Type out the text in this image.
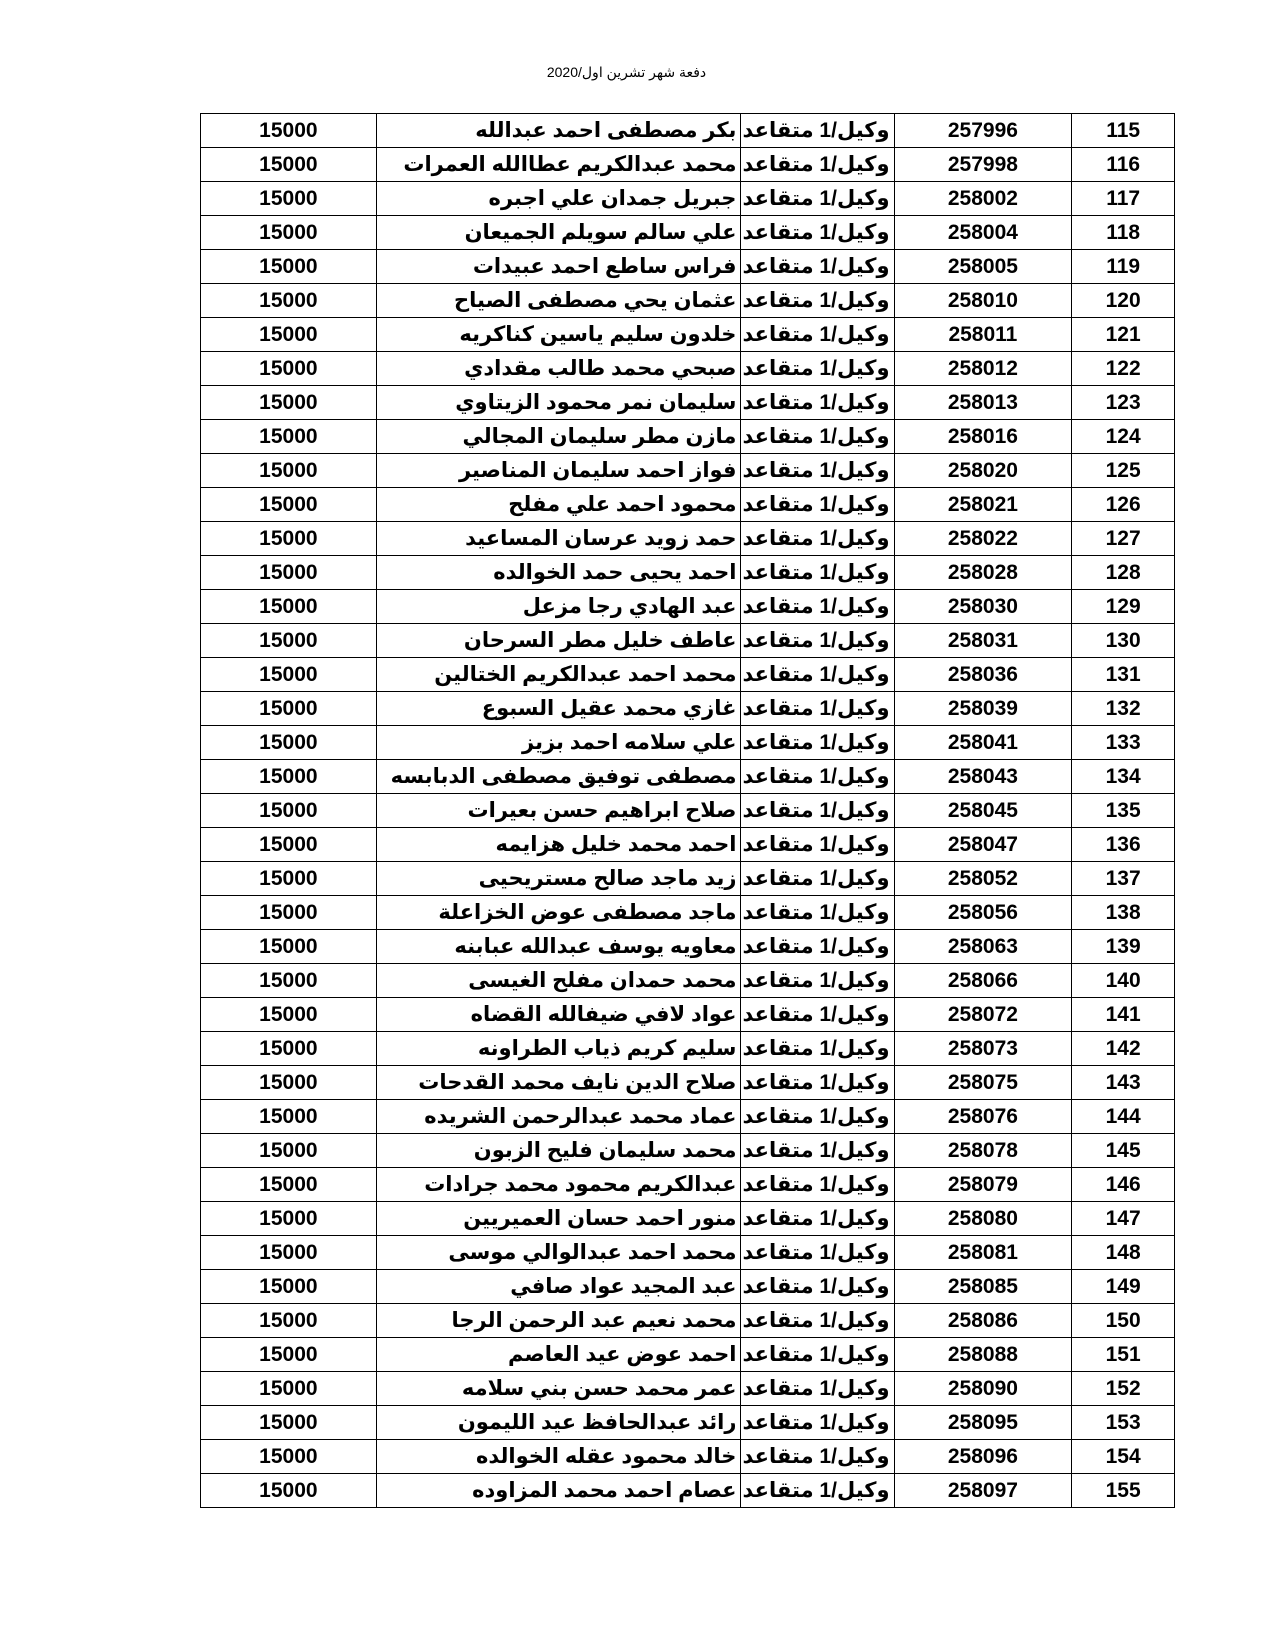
دفعة شهر تشرين اول/2020
115	257996	وكيل/1 متقاعد	بكر مصطفى احمد عبدالله	15000
116	257998	وكيل/1 متقاعد	محمد عبدالكريم عطاالله العمرات	15000
117	258002	وكيل/1 متقاعد	جبريل جمدان علي اجبره	15000
118	258004	وكيل/1 متقاعد	علي سالم سويلم الجميعان	15000
119	258005	وكيل/1 متقاعد	فراس ساطع احمد عبيدات	15000
120	258010	وكيل/1 متقاعد	عثمان يحي مصطفى الصياح	15000
121	258011	وكيل/1 متقاعد	خلدون سليم ياسين كناكريه	15000
122	258012	وكيل/1 متقاعد	صبحي محمد طالب مقدادي	15000
123	258013	وكيل/1 متقاعد	سليمان نمر محمود الزيتاوي	15000
124	258016	وكيل/1 متقاعد	مازن مطر سليمان المجالي	15000
125	258020	وكيل/1 متقاعد	فواز احمد سليمان المناصير	15000
126	258021	وكيل/1 متقاعد	محمود احمد علي مفلح	15000
127	258022	وكيل/1 متقاعد	حمد زويد عرسان المساعيد	15000
128	258028	وكيل/1 متقاعد	احمد يحيى حمد الخوالده	15000
129	258030	وكيل/1 متقاعد	عبد الهادي رجا مزعل	15000
130	258031	وكيل/1 متقاعد	عاطف خليل مطر السرحان	15000
131	258036	وكيل/1 متقاعد	محمد احمد عبدالكريم الختالين	15000
132	258039	وكيل/1 متقاعد	غازي محمد عقيل السبوع	15000
133	258041	وكيل/1 متقاعد	علي سلامه احمد بزيز	15000
134	258043	وكيل/1 متقاعد	مصطفى توفيق مصطفى الدبابسه	15000
135	258045	وكيل/1 متقاعد	صلاح ابراهيم حسن بعيرات	15000
136	258047	وكيل/1 متقاعد	احمد محمد خليل هزايمه	15000
137	258052	وكيل/1 متقاعد	زيد ماجد صالح مستريحيى	15000
138	258056	وكيل/1 متقاعد	ماجد مصطفى عوض الخزاعلة	15000
139	258063	وكيل/1 متقاعد	معاويه يوسف عبدالله عبابنه	15000
140	258066	وكيل/1 متقاعد	محمد حمدان مفلح الغيسى	15000
141	258072	وكيل/1 متقاعد	عواد لافي ضيفالله القضاه	15000
142	258073	وكيل/1 متقاعد	سليم كريم ذياب الطراونه	15000
143	258075	وكيل/1 متقاعد	صلاح الدين نايف محمد القدحات	15000
144	258076	وكيل/1 متقاعد	عماد محمد عبدالرحمن الشريده	15000
145	258078	وكيل/1 متقاعد	محمد سليمان فليح الزبون	15000
146	258079	وكيل/1 متقاعد	عبدالكريم محمود محمد جرادات	15000
147	258080	وكيل/1 متقاعد	منور احمد حسان العميريين	15000
148	258081	وكيل/1 متقاعد	محمد احمد عبدالوالي موسى	15000
149	258085	وكيل/1 متقاعد	عبد المجيد عواد صافي	15000
150	258086	وكيل/1 متقاعد	محمد نعيم عبد الرحمن الرجا	15000
151	258088	وكيل/1 متقاعد	احمد عوض عيد العاصم	15000
152	258090	وكيل/1 متقاعد	عمر محمد حسن بني سلامه	15000
153	258095	وكيل/1 متقاعد	رائد عبدالحافظ عيد الليمون	15000
154	258096	وكيل/1 متقاعد	خالد محمود عقله الخوالده	15000
155	258097	وكيل/1 متقاعد	عصام احمد محمد المزاوده	15000
